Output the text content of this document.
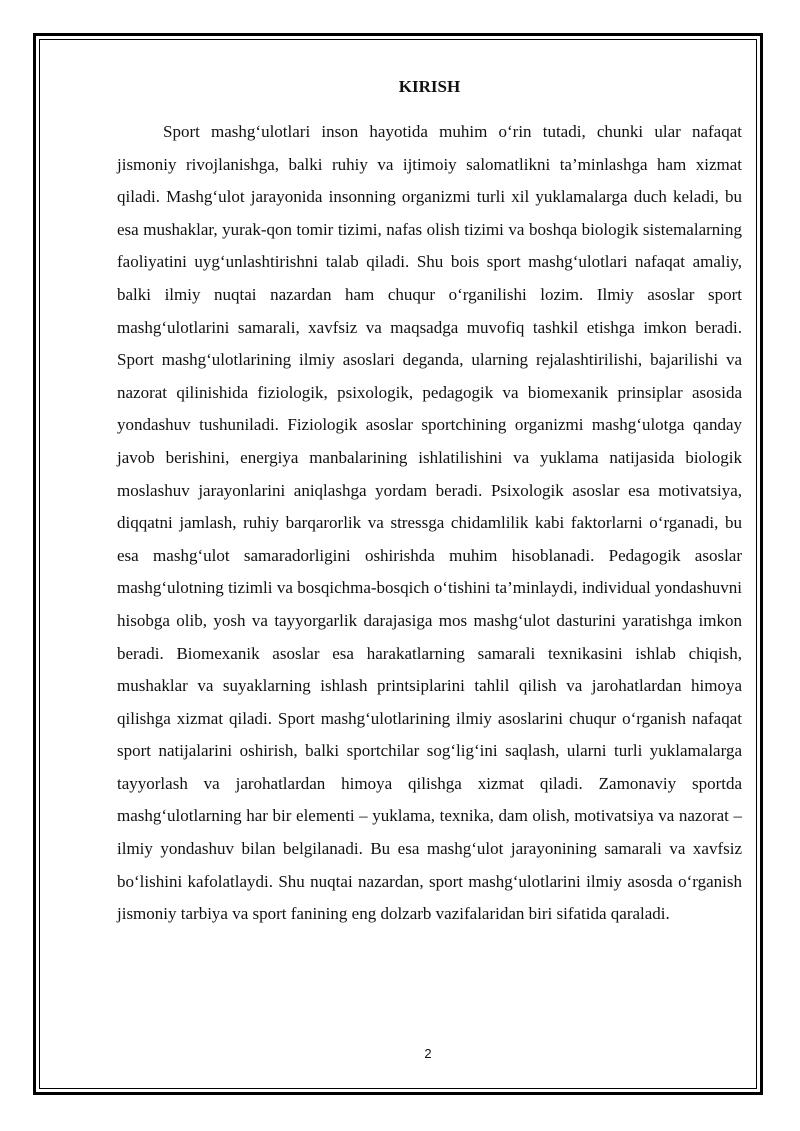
KIRISH

Sport mashg‘ulotlari inson hayotida muhim o‘rin tutadi, chunki ular nafaqat jismoniy rivojlanishga, balki ruhiy va ijtimoiy salomatlikni ta’minlashga ham xizmat qiladi. Mashg‘ulot jarayonida insonning organizmi turli xil yuklamalarga duch keladi, bu esa mushaklar, yurak-qon tomir tizimi, nafas olish tizimi va boshqa biologik sistemalarning faoliyatini uyg‘unlashtirishni talab qiladi. Shu bois sport mashg‘ulotlari nafaqat amaliy, balki ilmiy nuqtai nazardan ham chuqur o‘rganilishi lozim. Ilmiy asoslar sport mashg‘ulotlarini samarali, xavfsiz va maqsadga muvofiq tashkil etishga imkon beradi. Sport mashg‘ulotlarining ilmiy asoslari deganda, ularning rejalashtirilishi, bajarilishi va nazorat qilinishida fiziologik, psixologik, pedagogik va biomexanik prinsiplar asosida yondashuv tushuniladi. Fiziologik asoslar sportchining organizmi mashg‘ulotga qanday javob berishini, energiya manbalarining ishlatilishini va yuklama natijasida biologik moslashuv jarayonlarini aniqlashga yordam beradi. Psixologik asoslar esa motivatsiya, diqqatni jamlash, ruhiy barqarorlik va stressga chidamlilik kabi faktorlarni o‘rganadi, bu esa mashg‘ulot samaradorligini oshirishda muhim hisoblanadi. Pedagogik asoslar mashg‘ulotning tizimli va bosqichma-bosqich o‘tishini ta’minlaydi, individual yondashuvni hisobga olib, yosh va tayyorgarlik darajasiga mos mashg‘ulot dasturini yaratishga imkon beradi. Biomexanik asoslar esa harakatlarning samarali texnikasini ishlab chiqish, mushaklar va suyaklarning ishlash printsiplarini tahlil qilish va jarohatlardan himoya qilishga xizmat qiladi. Sport mashg‘ulotlarining ilmiy asoslarini chuqur o‘rganish nafaqat sport natijalarini oshirish, balki sportchilar sog‘lig‘ini saqlash, ularni turli yuklamalarga tayyorlash va jarohatlardan himoya qilishga xizmat qiladi. Zamonaviy sportda mashg‘ulotlarning har bir elementi – yuklama, texnika, dam olish, motivatsiya va nazorat – ilmiy yondashuv bilan belgilanadi. Bu esa mashg‘ulot jarayonining samarali va xavfsiz bo‘lishini kafolatlaydi. Shu nuqtai nazardan, sport mashg‘ulotlarini ilmiy asosda o‘rganish jismoniy tarbiya va sport fanining eng dolzarb vazifalaridan biri sifatida qaraladi.

2
